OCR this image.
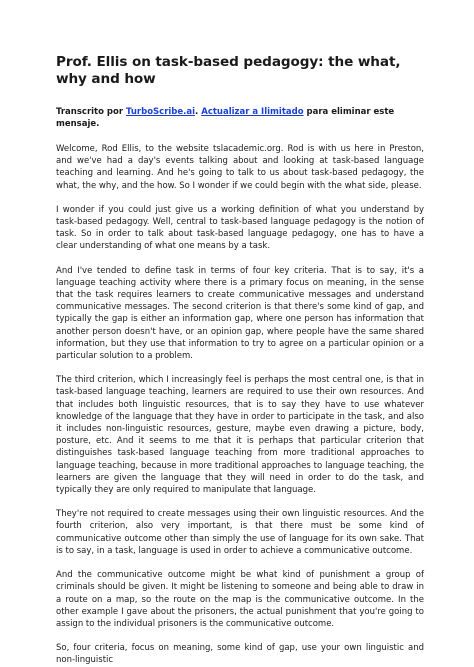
Prof. Ellis on task-based pedagogy: the what, why and how
Transcrito por TurboScribe.ai. Actualizar a Ilimitado para eliminar este mensaje.

Welcome, Rod Ellis, to the website tslacademic.org. Rod is with us here in Preston, and we've had a day's events talking about and looking at task-based language teaching and learning. And he's going to talk to us about task-based pedagogy, the what, the why, and the how. So I wonder if we could begin with the what side, please.

I wonder if you could just give us a working definition of what you understand by task-based pedagogy. Well, central to task-based language pedagogy is the notion of task. So in order to talk about task-based language pedagogy, one has to have a clear understanding of what one means by a task.

And I've tended to define task in terms of four key criteria. That is to say, it's a language teaching activity where there is a primary focus on meaning, in the sense that the task requires learners to create communicative messages and understand communicative messages. The second criterion is that there's some kind of gap, and typically the gap is either an information gap, where one person has information that another person doesn't have, or an opinion gap, where people have the same shared information, but they use that information to try to agree on a particular opinion or a particular solution to a problem.

The third criterion, which I increasingly feel is perhaps the most central one, is that in task-based language teaching, learners are required to use their own resources. And that includes both linguistic resources, that is to say they have to use whatever knowledge of the language that they have in order to participate in the task, and also it includes non-linguistic resources, gesture, maybe even drawing a picture, body, posture, etc. And it seems to me that it is perhaps that particular criterion that distinguishes task-based language teaching from more traditional approaches to language teaching, because in more traditional approaches to language teaching, the learners are given the language that they will need in order to do the task, and typically they are only required to manipulate that language.

They're not required to create messages using their own linguistic resources. And the fourth criterion, also very important, is that there must be some kind of communicative outcome other than simply the use of language for its own sake. That is to say, in a task, language is used in order to achieve a communicative outcome.

And the communicative outcome might be what kind of punishment a group of criminals should be given. It might be listening to someone and being able to draw in a route on a map, so the route on the map is the communicative outcome. In the other example I gave about the prisoners, the actual punishment that you're going to assign to the individual prisoners is the communicative outcome.

So, four criteria, focus on meaning, some kind of gap, use your own linguistic and non-linguistic
